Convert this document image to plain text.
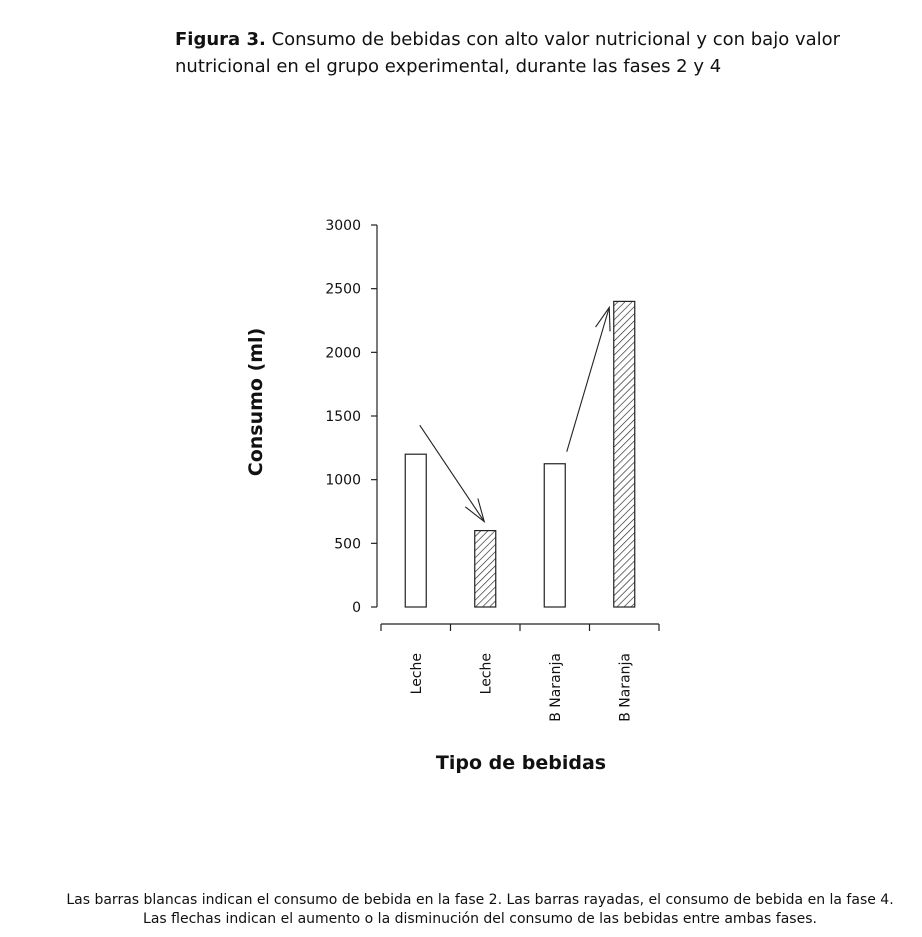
Figura 3. Consumo de bebidas con alto valor nutricional y con bajo valor nutricional en el grupo experimental, durante las fases 2 y 4
0
500
1000
1500
2000
2500
3000
Leche	Leche	B Naranja	B Naranja
Consumo (ml)
Tipo de bebidas
Las barras blancas indican el consumo de bebida en la fase 2. Las barras rayadas, el consumo de bebida en la fase 4.
Las flechas indican el aumento o la disminución del consumo de las bebidas entre ambas fases.
